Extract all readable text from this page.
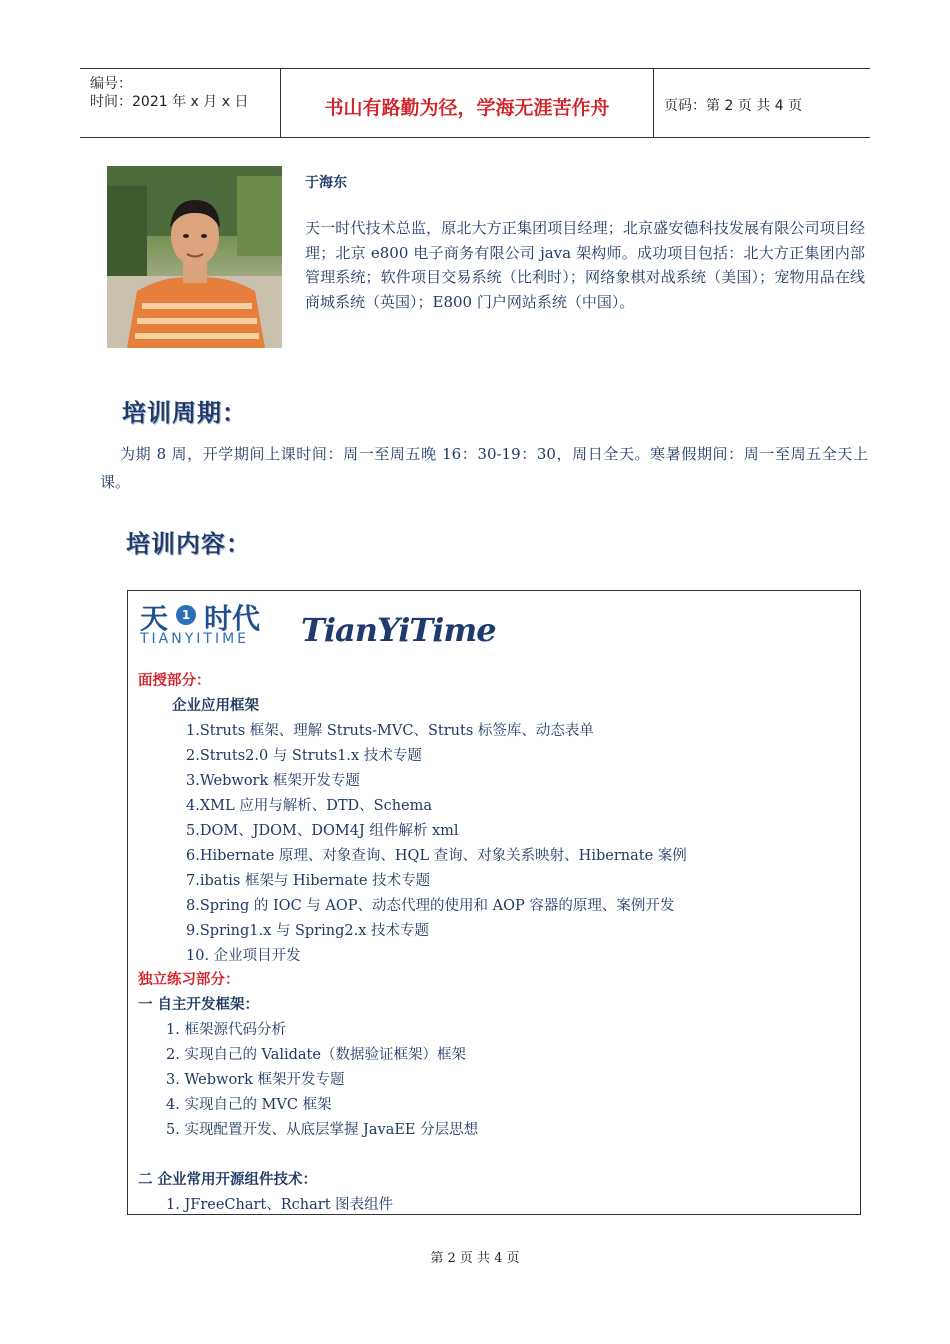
编号：
时间：2021 年 x 月 x 日	书山有路勤为径，学海无涯苦作舟	页码：第 2 页 共 4 页
于海东
天一时代技术总监，原北大方正集团项目经理；北京盛安德科技发展有限公司项目经理；北京 e800 电子商务有限公司 java 架构师。成功项目包括：北大方正集团内部管理系统；软件项目交易系统（比利时）；网络象棋对战系统（美国）；宠物用品在线商城系统（英国）；E800 门户网站系统（中国）。
培训周期：
为期 8 周，开学期间上课时间：周一至周五晚 16：30-19：30，周日全天。寒暑假期间：周一至周五全天上课。
培训内容：
天	1 时代
TIANYITIME TianYiTime
面授部分：
企业应用框架
1.Struts 框架、理解 Struts-MVC、Struts 标签库、动态表单
2.Struts2.0 与 Struts1.x 技术专题
3.Webwork 框架开发专题
4.XML 应用与解析、DTD、Schema
5.DOM、JDOM、DOM4J 组件解析 xml
6.Hibernate 原理、对象查询、HQL 查询、对象关系映射、Hibernate 案例
7.ibatis 框架与 Hibernate 技术专题
8.Spring 的 IOC 与 AOP、动态代理的使用和 AOP 容器的原理、案例开发
9.Spring1.x 与 Spring2.x 技术专题
10. 企业项目开发
独立练习部分：
一 自主开发框架：
1. 框架源代码分析
2. 实现自己的 Validate（数据验证框架）框架
3. Webwork 框架开发专题
4. 实现自己的 MVC 框架
5. 实现配置开发、从底层掌握 JavaEE 分层思想
二 企业常用开源组件技术：
1. JFreeChart、Rchart 图表组件
第 2 页 共 4 页
